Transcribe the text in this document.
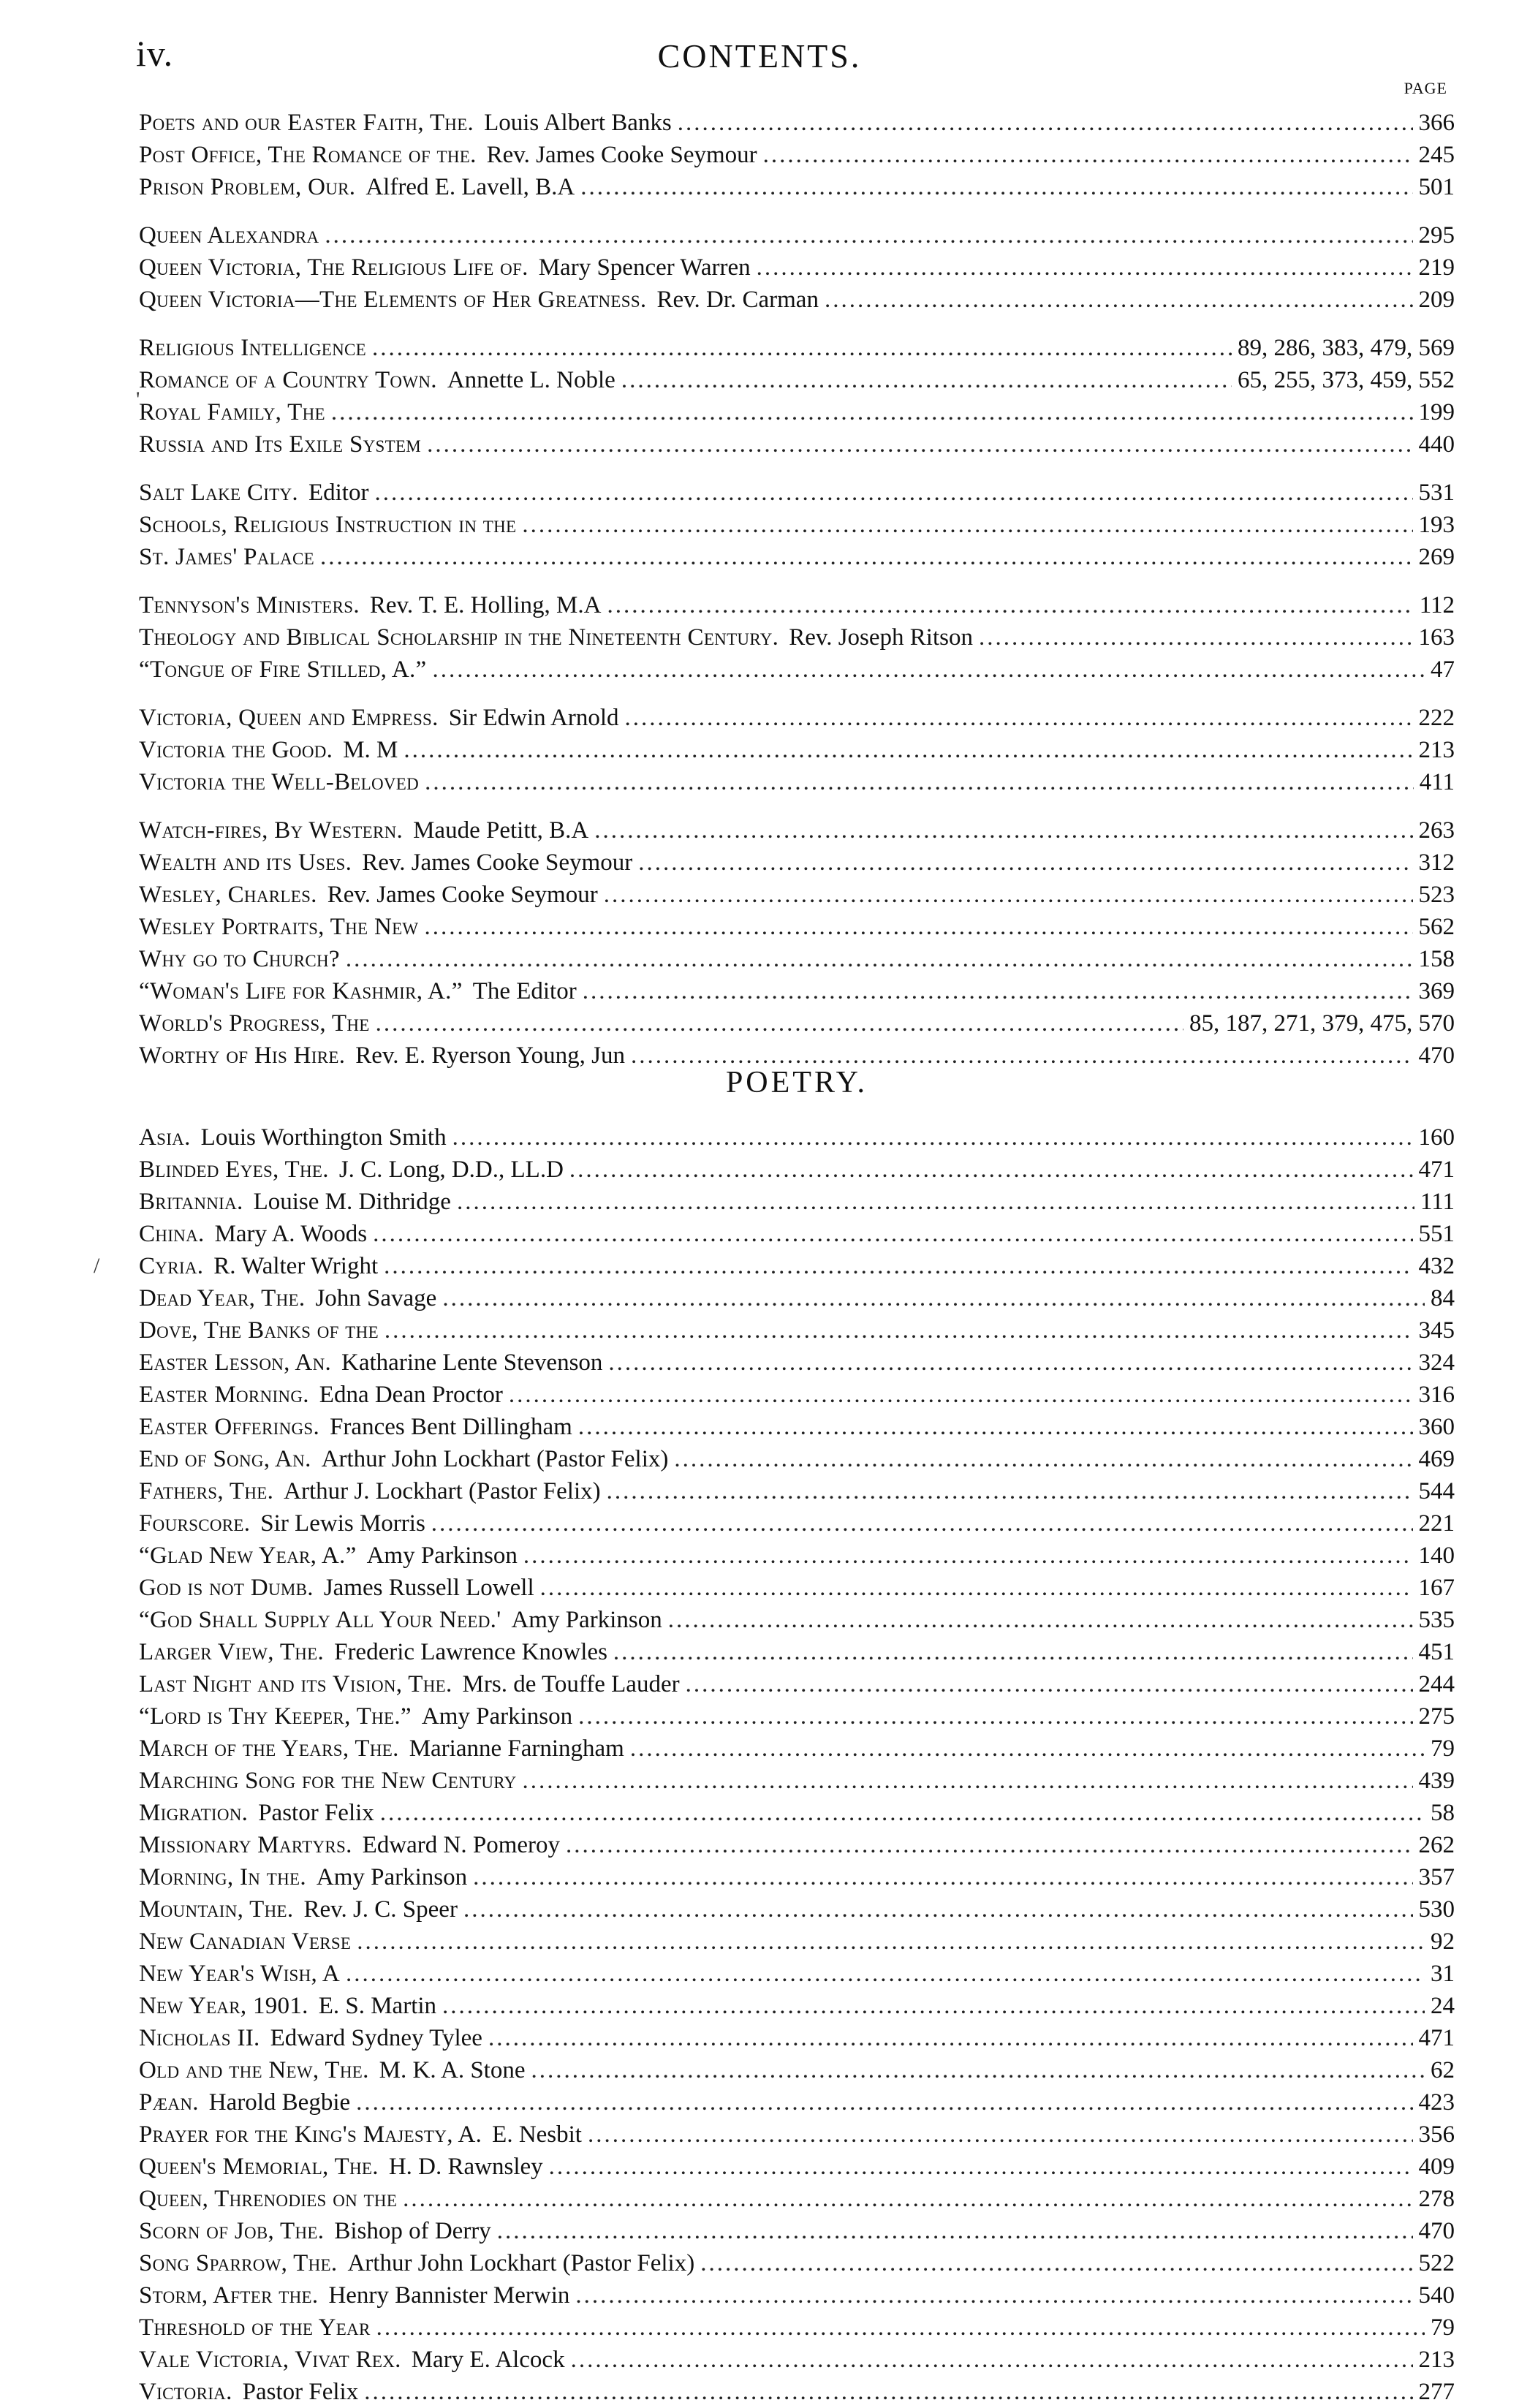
iv.	CONTENTS.
PAGE
Poets and our Easter Faith, The. Louis Albert Banks .....	366
Post Office, The Romance of the. Rev. James Cooke Seymour .....	245
Prison Problem, Our. Alfred E. Lavell, B.A .....	501
Queen Alexandra .....	295
Queen Victoria, The Religious Life of. Mary Spencer Warren .....	219
Queen Victoria—The Elements of Her Greatness. Rev. Dr. Carman .....	209
Religious Intelligence .....	89, 286, 383, 479, 569
Romance of a Country Town. Annette L. Noble .....	65, 255, 373, 459, 552
Royal Family, The .....	199
Russia and Its Exile System .....	440
Salt Lake City. Editor .....	531
Schools, Religious Instruction in the .....	193
St. James' Palace .....	269
Tennyson's Ministers. Rev. T. E. Holling, M.A .....	112
Theology and Biblical Scholarship in the Nineteenth Century. Rev. Joseph Ritson .....	163
“Tongue of Fire Stilled, A.” .....	47
Victoria, Queen and Empress. Sir Edwin Arnold .....	222
Victoria the Good. M. M .....	213
Victoria the Well-Beloved .....	411
Watch-fires, By Western. Maude Petitt, B.A .....	263
Wealth and its Uses. Rev. James Cooke Seymour .....	312
Wesley, Charles. Rev. James Cooke Seymour .....	523
Wesley Portraits, The New .....	562
Why go to Church? .....	158
“Woman's Life for Kashmir, A.” The Editor .....	369
World's Progress, The .....	85, 187, 271, 379, 475, 570
Worthy of His Hire. Rev. E. Ryerson Young, Jun .....	470
POETRY.
Asia. Louis Worthington Smith .....	160
Blinded Eyes, The. J. C. Long, D.D., LL.D .....	471
Britannia. Louise M. Dithridge .....	111
China. Mary A. Woods .....	551
Cyria. R. Walter Wright .....	432
Dead Year, The. John Savage .....	84
Dove, The Banks of the .....	345
Easter Lesson, An. Katharine Lente Stevenson .....	324
Easter Morning. Edna Dean Proctor .....	316
Easter Offerings. Frances Bent Dillingham .....	360
End of Song, An. Arthur John Lockhart (Pastor Felix) .....	469
Fathers, The. Arthur J. Lockhart (Pastor Felix) .....	544
Fourscore. Sir Lewis Morris .....	221
“Glad New Year, A.” Amy Parkinson .....	140
God is not Dumb. James Russell Lowell .....	167
“God Shall Supply All Your Need.' Amy Parkinson .....	535
Larger View, The. Frederic Lawrence Knowles .....	451
Last Night and its Vision, The. Mrs. de Touffe Lauder .....	244
“Lord is Thy Keeper, The.” Amy Parkinson .....	275
March of the Years, The. Marianne Farningham .....	79
Marching Song for the New Century .....	439
Migration. Pastor Felix .....	58
Missionary Martyrs. Edward N. Pomeroy .....	262
Morning, In the. Amy Parkinson .....	357
Mountain, The. Rev. J. C. Speer .....	530
New Canadian Verse .....	92
New Year's Wish, A .....	31
New Year, 1901. E. S. Martin .....	24
Nicholas II. Edward Sydney Tylee .....	471
Old and the New, The. M. K. A. Stone .....	62
Pæan. Harold Begbie .....	423
Prayer for the King's Majesty, A. E. Nesbit .....	356
Queen's Memorial, The. H. D. Rawnsley .....	409
Queen, Threnodies on the .....	278
Scorn of Job, The. Bishop of Derry .....	470
Song Sparrow, The. Arthur John Lockhart (Pastor Felix) .....	522
Storm, After the. Henry Bannister Merwin .....	540
Threshold of the Year .....	79
Vale Victoria, Vivat Rex. Mary E. Alcock .....	213
Victoria. Pastor Felix .....	277
'
/
